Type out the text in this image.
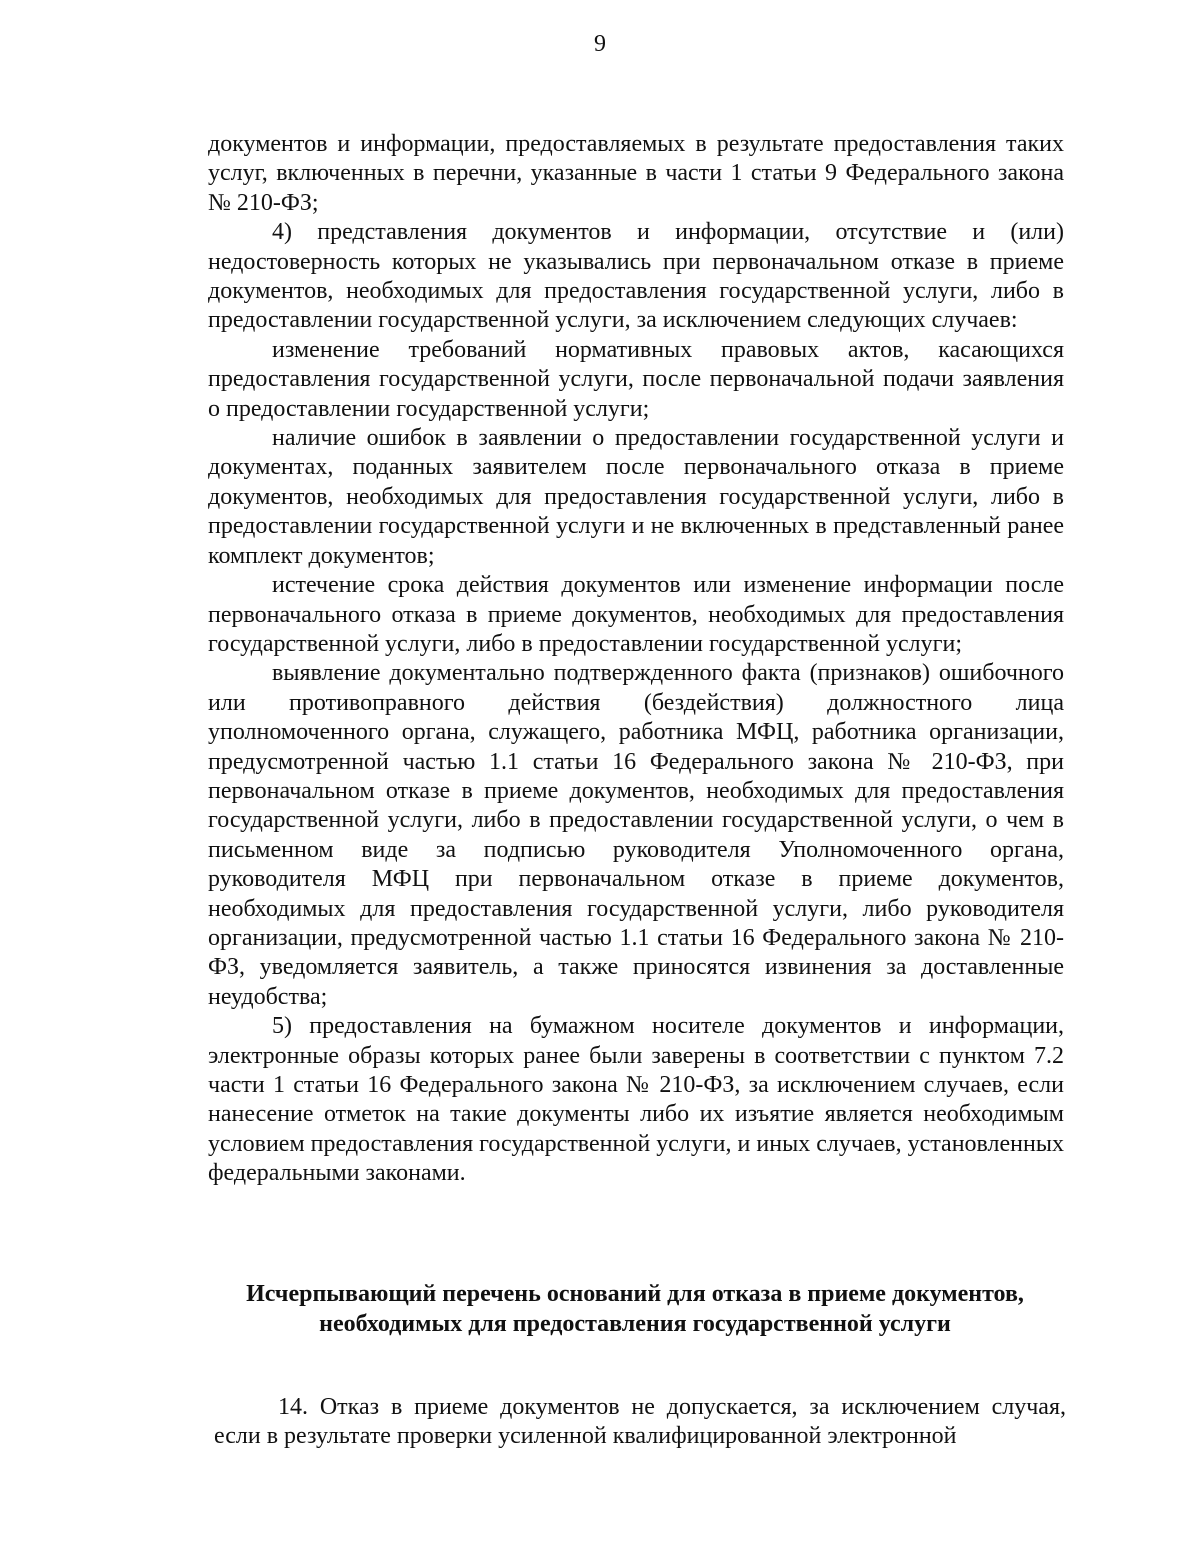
9

документов и информации, предоставляемых в результате предоставления таких услуг, включенных в перечни, указанные в части 1 статьи 9 Федерального закона № 210-ФЗ;

4) представления документов и информации, отсутствие и (или) недостоверность которых не указывались при первоначальном отказе в приеме документов, необходимых для предоставления государственной услуги, либо в предоставлении государственной услуги, за исключением следующих случаев:

изменение требований нормативных правовых актов, касающихся предоставления государственной услуги, после первоначальной подачи заявления о предоставлении государственной услуги;

наличие ошибок в заявлении о предоставлении государственной услуги и документах, поданных заявителем после первоначального отказа в приеме документов, необходимых для предоставления государственной услуги, либо в предоставлении государственной услуги и не включенных в представленный ранее комплект документов;

истечение срока действия документов или изменение информации после первоначального отказа в приеме документов, необходимых для предоставления государственной услуги, либо в предоставлении государственной услуги;

выявление документально подтвержденного факта (признаков) ошибочного или противоправного действия (бездействия) должностного лица уполномоченного органа, служащего, работника МФЦ, работника организации, предусмотренной частью 1.1 статьи 16 Федерального закона № 210-ФЗ, при первоначальном отказе в приеме документов, необходимых для предоставления государственной услуги, либо в предоставлении государственной услуги, о чем в письменном виде за подписью руководителя Уполномоченного органа, руководителя МФЦ при первоначальном отказе в приеме документов, необходимых для предоставления государственной услуги, либо руководителя организации, предусмотренной частью 1.1 статьи 16 Федерального закона № 210-ФЗ, уведомляется заявитель, а также приносятся извинения за доставленные неудобства;

5) предоставления на бумажном носителе документов и информации, электронные образы которых ранее были заверены в соответствии с пунктом 7.2 части 1 статьи 16 Федерального закона № 210-ФЗ, за исключением случаев, если нанесение отметок на такие документы либо их изъятие является необходимым условием предоставления государственной услуги, и иных случаев, установленных федеральными законами.

Исчерпывающий перечень оснований для отказа в приеме документов,
необходимых для предоставления государственной услуги

14. Отказ в приеме документов не допускается, за исключением случая, если в результате проверки усиленной квалифицированной электронной
